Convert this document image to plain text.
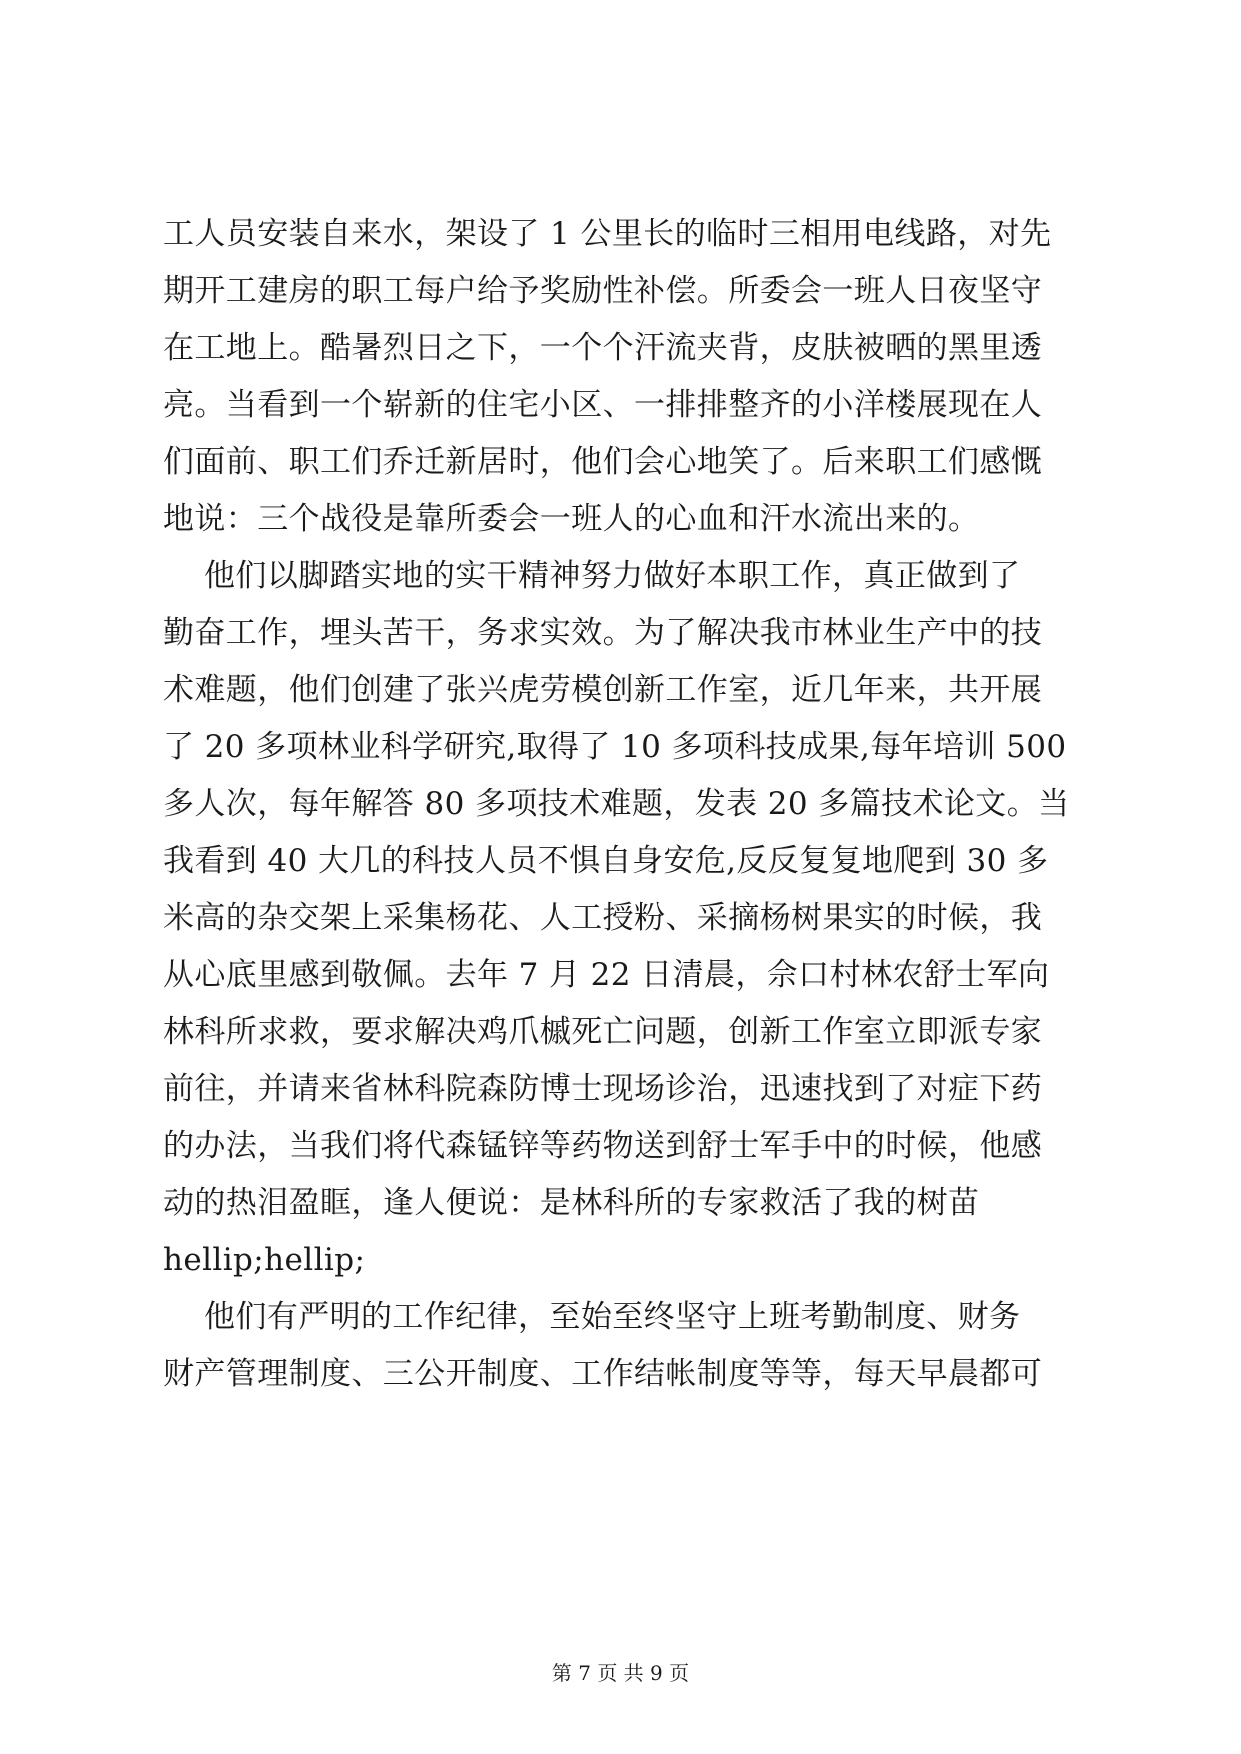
工人员安装自来水，架设了 1 公里长的临时三相用电线路，对先
期开工建房的职工每户给予奖励性补偿。所委会一班人日夜坚守
在工地上。酷暑烈日之下，一个个汗流夹背，皮肤被晒的黑里透
亮。当看到一个崭新的住宅小区、一排排整齐的小洋楼展现在人
们面前、职工们乔迁新居时，他们会心地笑了。后来职工们感慨
地说：三个战役是靠所委会一班人的心血和汗水流出来的。
他们以脚踏实地的实干精神努力做好本职工作，真正做到了
勤奋工作，埋头苦干，务求实效。为了解决我市林业生产中的技
术难题，他们创建了张兴虎劳模创新工作室，近几年来，共开展
了 20 多项林业科学研究,取得了 10 多项科技成果,每年培训 500
多人次，每年解答 80 多项技术难题，发表 20 多篇技术论文。当
我看到 40 大几的科技人员不惧自身安危,反反复复地爬到 30 多
米高的杂交架上采集杨花、人工授粉、采摘杨树果实的时候，我
从心底里感到敬佩。去年 7 月 22 日清晨，佘口村林农舒士军向
林科所求救，要求解决鸡爪槭死亡问题，创新工作室立即派专家
前往，并请来省林科院森防博士现场诊治，迅速找到了对症下药
的办法，当我们将代森锰锌等药物送到舒士军手中的时候，他感
动的热泪盈眶，逢人便说：是林科所的专家救活了我的树苗
hellip;hellip;
他们有严明的工作纪律，至始至终坚守上班考勤制度、财务
财产管理制度、三公开制度、工作结帐制度等等，每天早晨都可
第 7 页 共 9 页
